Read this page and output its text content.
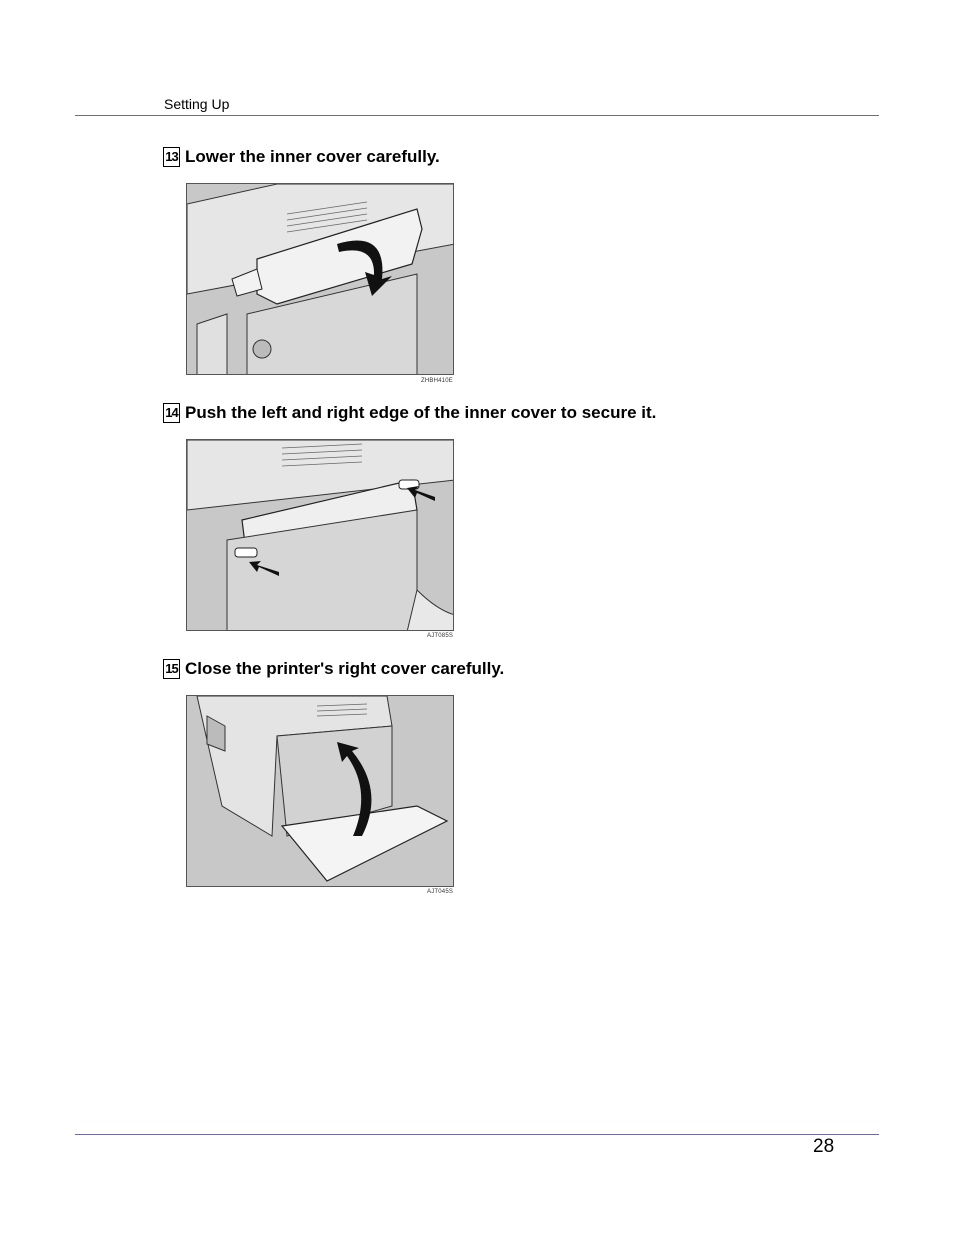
Setting Up
13 Lower the inner cover carefully.
ZHBH410E
14 Push the left and right edge of the inner cover to secure it.
AJT085S
15 Close the printer's right cover carefully.
AJT045S
28
